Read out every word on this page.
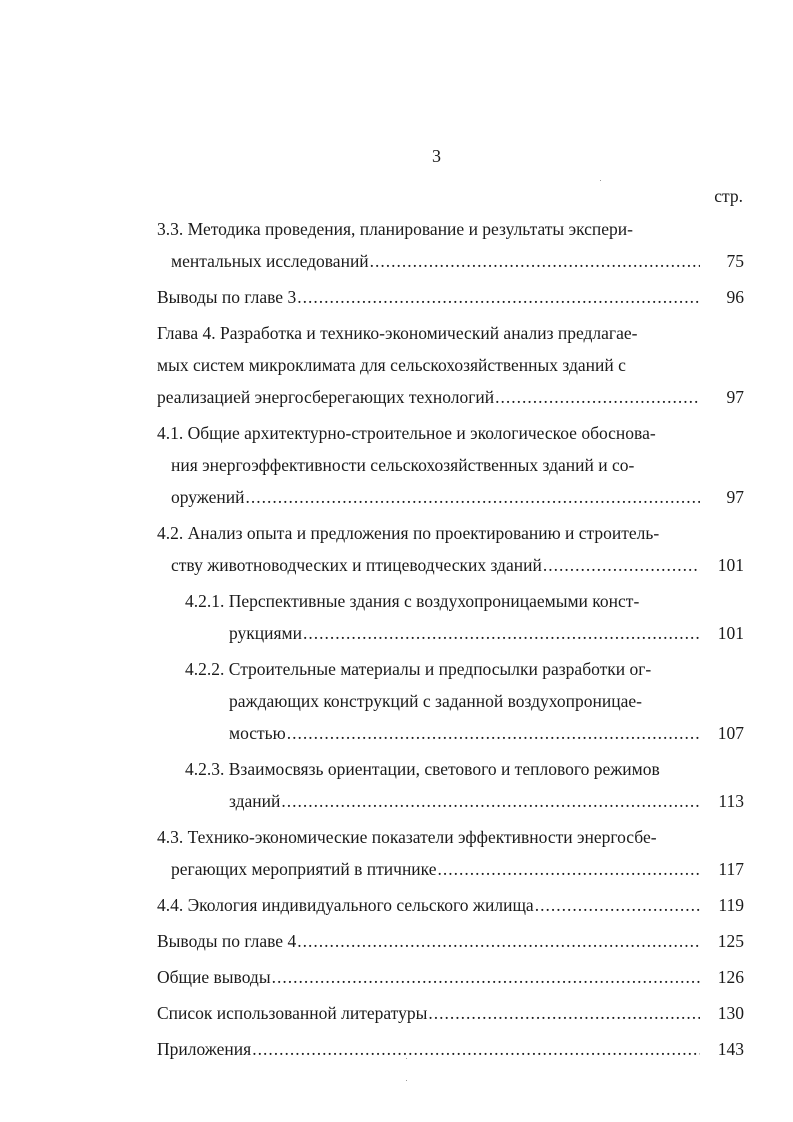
3
стр.
3.3. Методика проведения, планирование и результаты экспери-
ментальных исследований .....	75
Выводы по главе 3 .....	96
Глава 4. Разработка и технико-экономический анализ предлагае-
мых систем микроклимата для сельскохозяйственных зданий с
реализацией энергосберегающих технологий .....	97
4.1. Общие архитектурно-строительное и экологическое обоснова-
ния энергоэффективности сельскохозяйственных зданий и со-
оружений .....	97
4.2. Анализ опыта и предложения по проектированию и строитель-
ству животноводческих и птицеводческих зданий .....	101
4.2.1. Перспективные здания с воздухопроницаемыми конст-
рукциями .....	101
4.2.2. Строительные материалы и предпосылки разработки ог-
раждающих конструкций с заданной воздухопроницае-
мостью .....	107
4.2.3. Взаимосвязь ориентации, светового и теплового режимов
зданий .....	113
4.3. Технико-экономические показатели эффективности энергосбе-
регающих мероприятий в птичнике .....	117
4.4. Экология индивидуального сельского жилища .....	119
Выводы по главе 4 .....	125
Общие выводы .....	126
Список использованной литературы .....	130
Приложения .....	143
